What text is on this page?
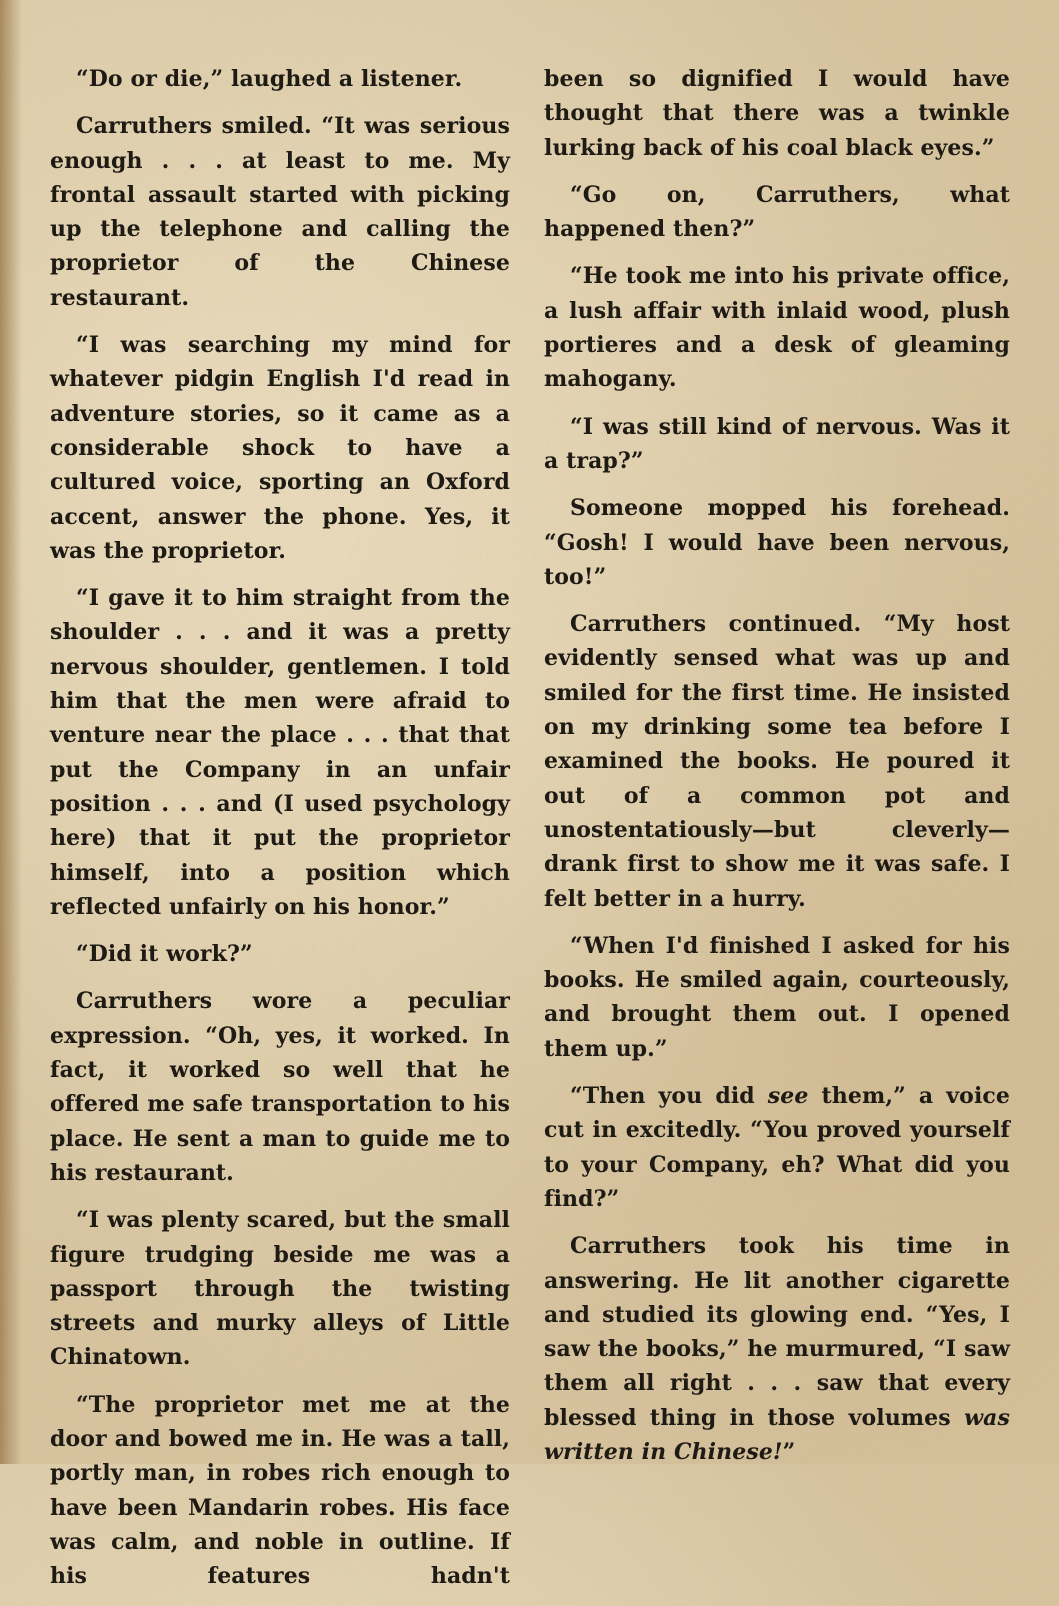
“Do or die,” laughed a listener.

Carruthers smiled. “It was serious enough . . . at least to me. My frontal assault started with picking up the telephone and calling the proprietor of the Chinese restaurant.

“I was searching my mind for whatever pidgin English I'd read in adventure stories, so it came as a considerable shock to have a cultured voice, sporting an Oxford accent, answer the phone. Yes, it was the proprietor.

“I gave it to him straight from the shoulder . . . and it was a pretty nervous shoulder, gentlemen. I told him that the men were afraid to venture near the place . . . that that put the Company in an unfair position . . . and (I used psychology here) that it put the proprietor himself, into a position which reflected unfairly on his honor.”

“Did it work?”

Carruthers wore a peculiar expression. “Oh, yes, it worked. In fact, it worked so well that he offered me safe transportation to his place. He sent a man to guide me to his restaurant.

“I was plenty scared, but the small figure trudging beside me was a passport through the twisting streets and murky alleys of Little Chinatown.

“The proprietor met me at the door and bowed me in. He was a tall, portly man, in robes rich enough to have been Mandarin robes. His face was calm, and noble in outline. If his features hadn't

been so dignified I would have thought that there was a twinkle lurking back of his coal black eyes.”

“Go on, Carruthers, what happened then?”

“He took me into his private office, a lush affair with inlaid wood, plush portieres and a desk of gleaming mahogany.

“I was still kind of nervous. Was it a trap?”

Someone mopped his forehead. “Gosh! I would have been nervous, too!”

Carruthers continued. “My host evidently sensed what was up and smiled for the first time. He insisted on my drinking some tea before I examined the books. He poured it out of a common pot and unostentatiously—but cleverly—drank first to show me it was safe. I felt better in a hurry.

“When I'd finished I asked for his books. He smiled again, courteously, and brought them out. I opened them up.”

“Then you did see them,” a voice cut in excitedly. “You proved yourself to your Company, eh? What did you find?”

Carruthers took his time in answering. He lit another cigarette and studied its glowing end. “Yes, I saw the books,” he murmured, “I saw them all right . . . saw that every blessed thing in those volumes was written in Chinese!”
